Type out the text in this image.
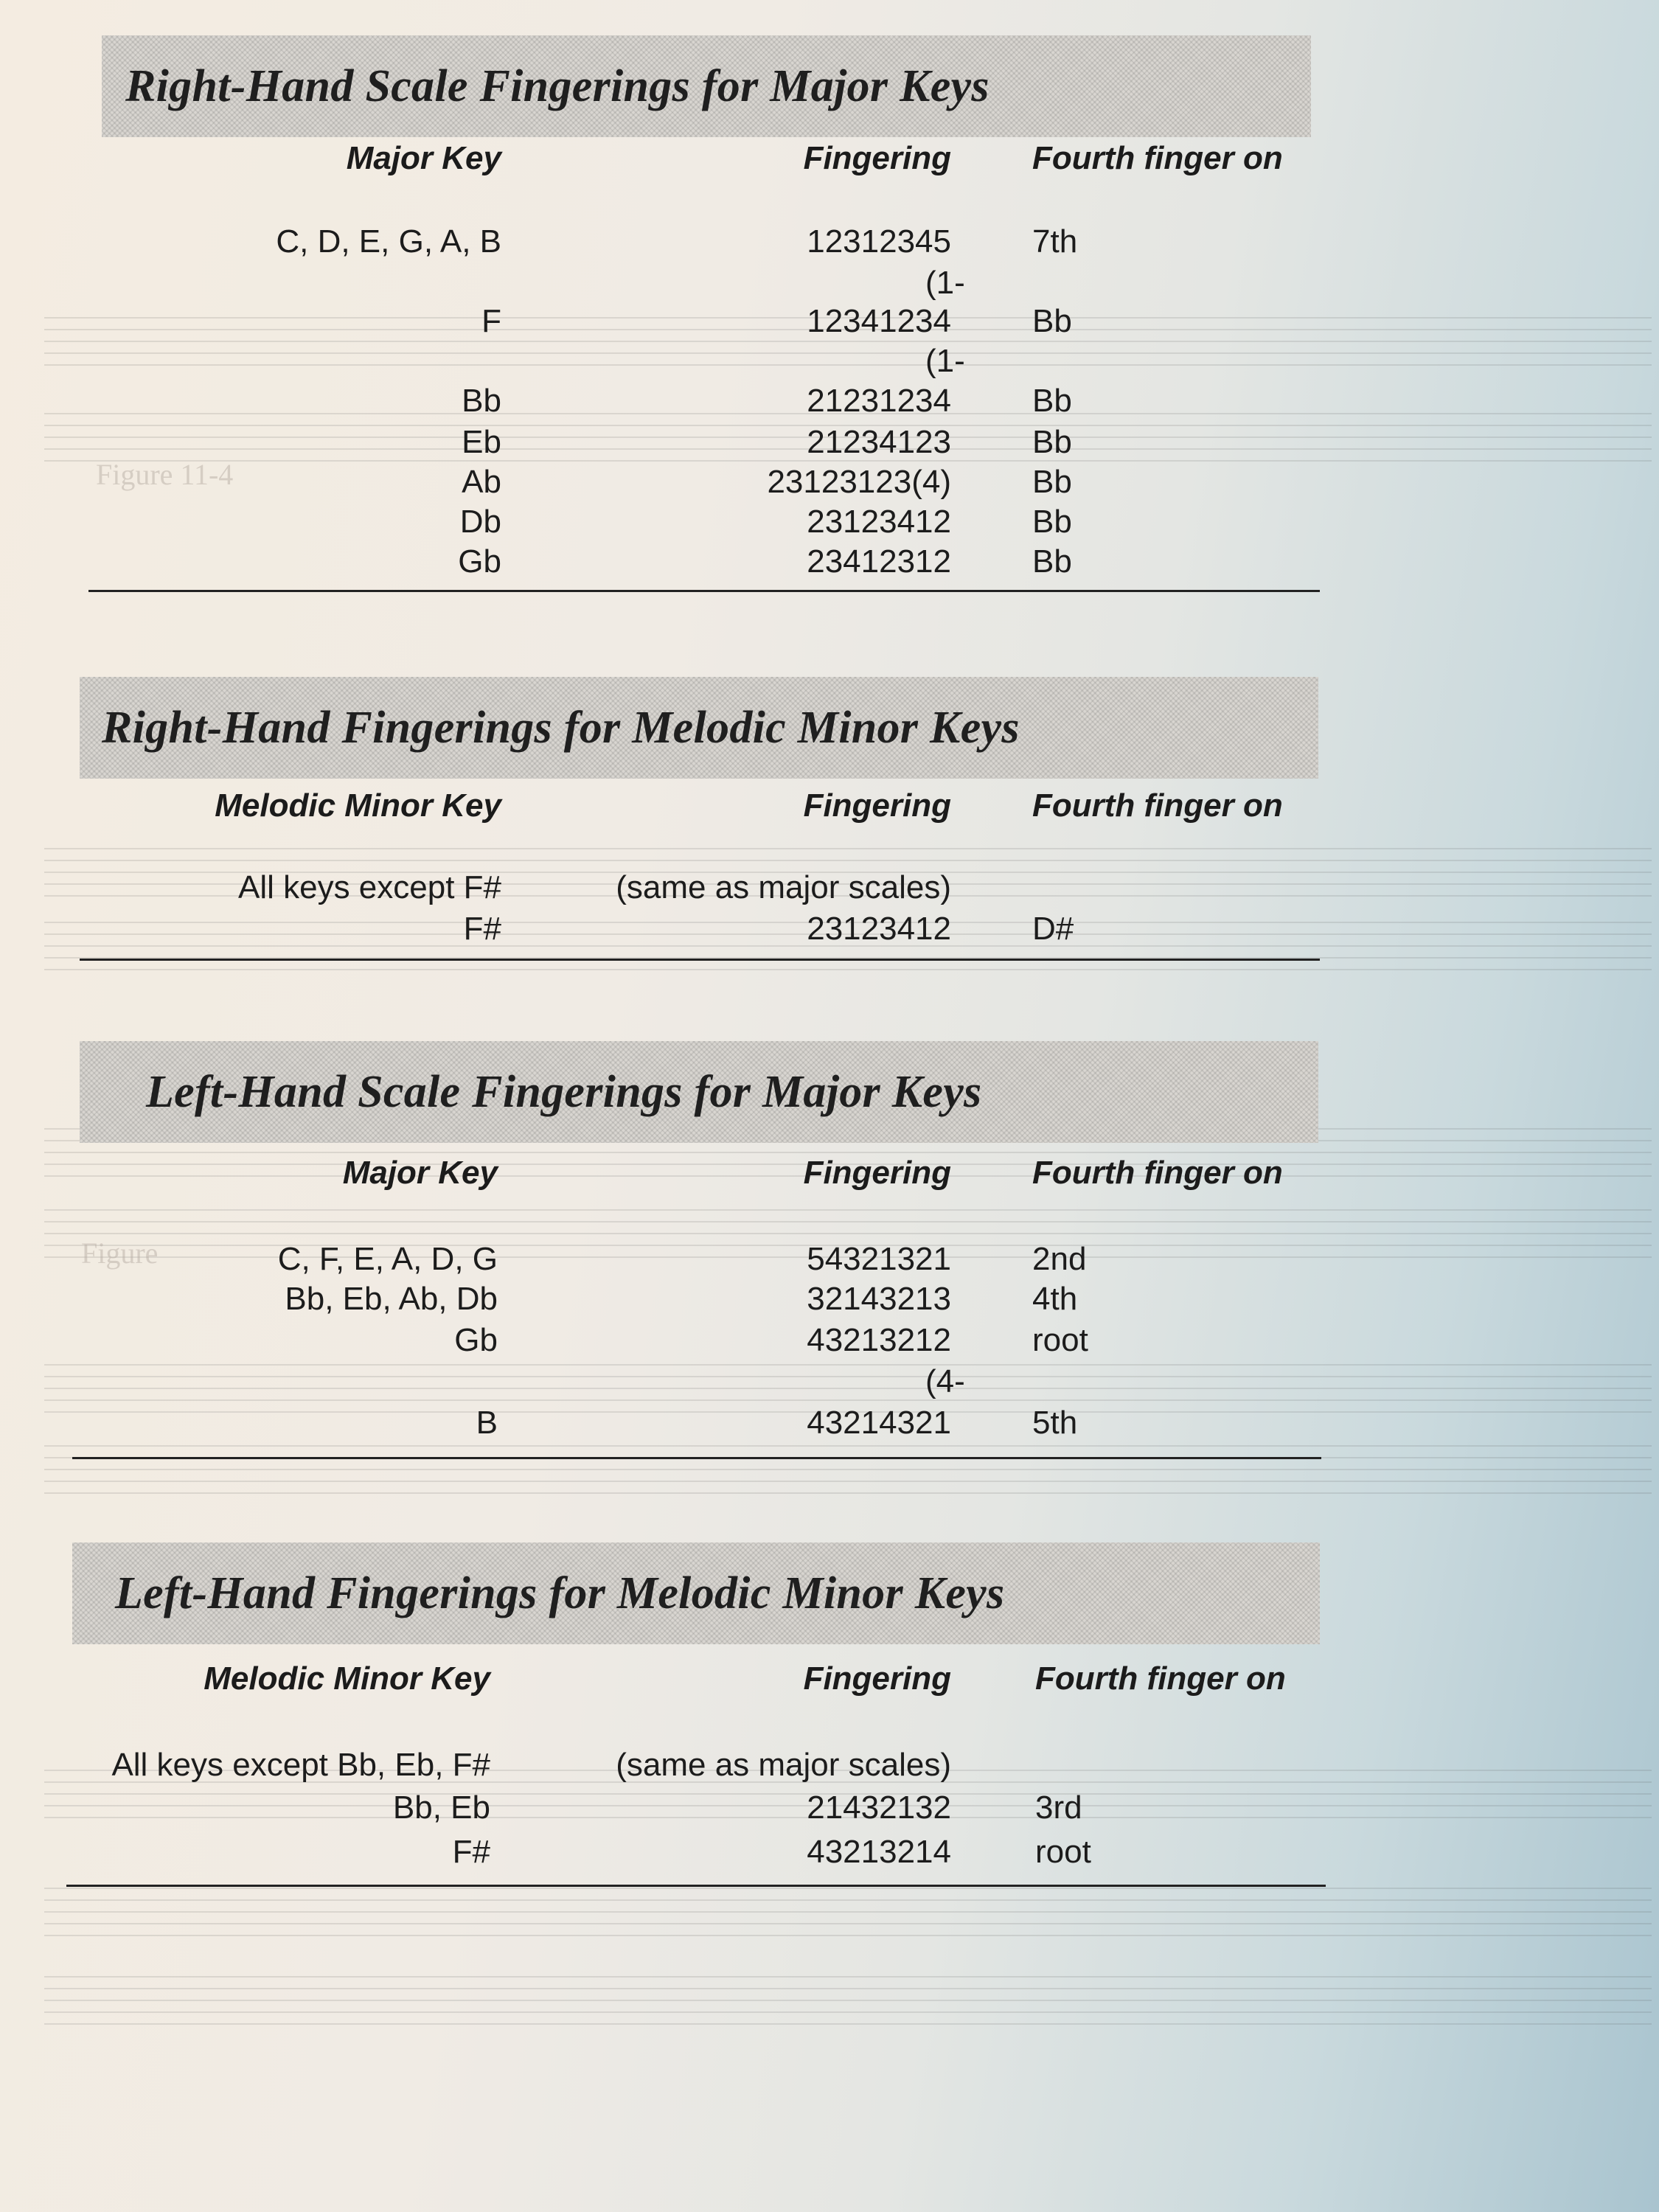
Figure 11-4
Figure
Right-Hand Scale Fingerings for Major Keys
Major Key	Fingering	Fourth finger on
C, D, E, G, A, B	12312345	7th
(1-
F	12341234	Bb
(1-
Bb	21231234	Bb
Eb	21234123	Bb
Ab	23123123(4)	Bb
Db	23123412	Bb
Gb	23412312	Bb
Right-Hand Fingerings for Melodic Minor Keys
Melodic Minor Key	Fingering	Fourth finger on
All keys except F#	(same as major scales)
F#	23123412	D#
Left-Hand Scale Fingerings for Major Keys
Major Key	Fingering	Fourth finger on
C, F, E, A, D, G	54321321	2nd
Bb, Eb, Ab, Db	32143213	4th
Gb	43213212	root
(4-
B	43214321	5th
Left-Hand Fingerings for Melodic Minor Keys
Melodic Minor Key	Fingering	Fourth finger on
All keys except Bb, Eb, F#	(same as major scales)
Bb, Eb	21432132	3rd
F#	43213214	root
